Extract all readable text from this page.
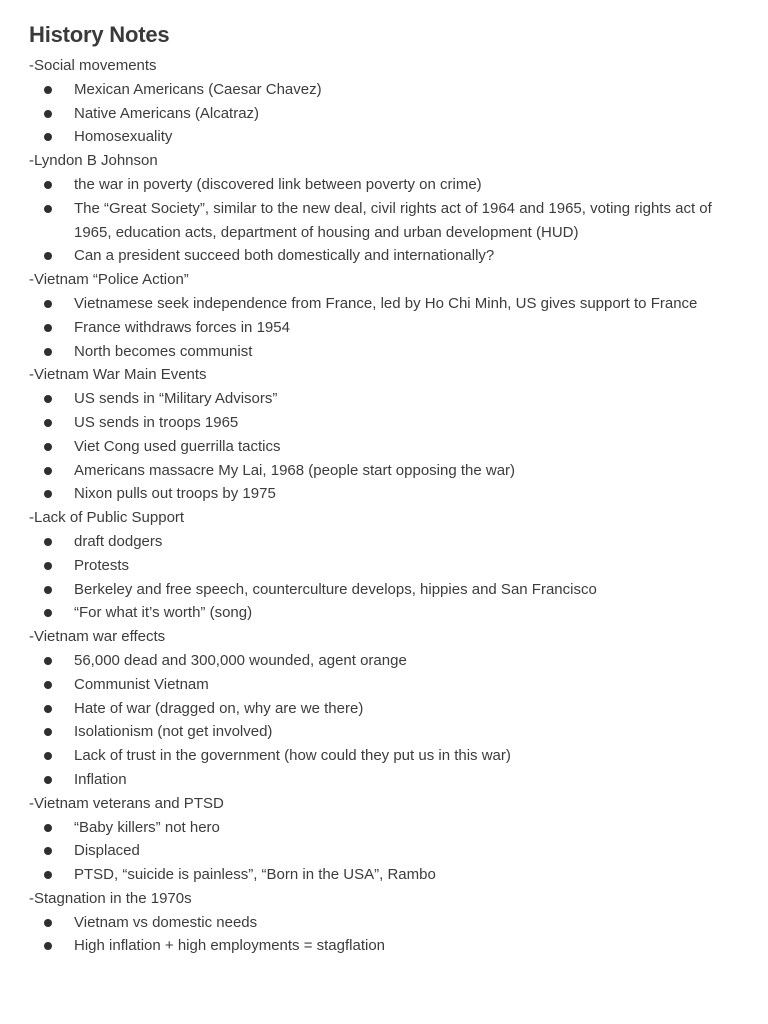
History Notes
-Social movements
Mexican Americans (Caesar Chavez)
Native Americans (Alcatraz)
Homosexuality
-Lyndon B Johnson
the war in poverty (discovered link between poverty on crime)
The “Great Society”, similar to the new deal, civil rights act of 1964 and 1965, voting rights act of 1965, education acts, department of housing and urban development (HUD)
Can a president succeed both domestically and internationally?
-Vietnam “Police Action”
Vietnamese seek independence from France, led by Ho Chi Minh, US gives support to France
France withdraws forces in 1954
North becomes communist
-Vietnam War Main Events
US sends in “Military Advisors”
US sends in troops 1965
Viet Cong used guerrilla tactics
Americans massacre My Lai, 1968 (people start opposing the war)
Nixon pulls out troops by 1975
-Lack of Public Support
draft dodgers
Protests
Berkeley and free speech, counterculture develops, hippies and San Francisco
“For what it’s worth” (song)
-Vietnam war effects
56,000 dead and 300,000 wounded, agent orange
Communist Vietnam
Hate of war (dragged on, why are we there)
Isolationism (not get involved)
Lack of trust in the government (how could they put us in this war)
Inflation
-Vietnam veterans and PTSD
“Baby killers” not hero
Displaced
PTSD, “suicide is painless”, “Born in the USA”, Rambo
-Stagnation in the 1970s
Vietnam vs domestic needs
High inflation + high employments = stagflation
